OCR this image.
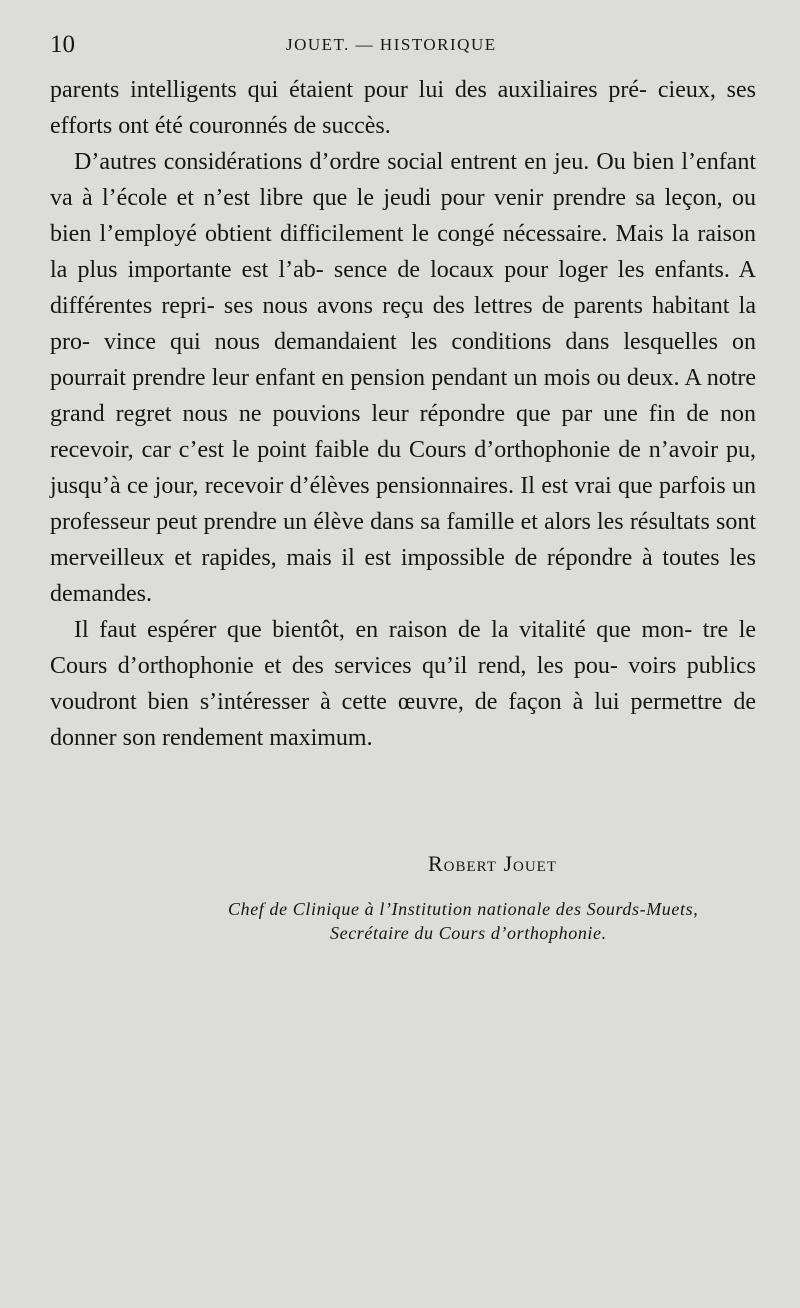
10	JOUET. — HISTORIQUE

parents intelligents qui étaient pour lui des auxiliaires pré- cieux, ses efforts ont été couronnés de succès.

D’autres considérations d’ordre social entrent en jeu. Ou bien l’enfant va à l’école et n’est libre que le jeudi pour venir prendre sa leçon, ou bien l’employé obtient difficilement le congé nécessaire. Mais la raison la plus importante est l’ab- sence de locaux pour loger les enfants. A différentes repri- ses nous avons reçu des lettres de parents habitant la pro- vince qui nous demandaient les conditions dans lesquelles on pourrait prendre leur enfant en pension pendant un mois ou deux. A notre grand regret nous ne pouvions leur répondre que par une fin de non recevoir, car c’est le point faible du Cours d’orthophonie de n’avoir pu, jusqu’à ce jour, recevoir d’élèves pensionnaires. Il est vrai que parfois un professeur peut prendre un élève dans sa famille et alors les résultats sont merveilleux et rapides, mais il est impossible de répondre à toutes les demandes.

Il faut espérer que bientôt, en raison de la vitalité que mon- tre le Cours d’orthophonie et des services qu’il rend, les pou- voirs publics voudront bien s’intéresser à cette œuvre, de façon à lui permettre de donner son rendement maximum.

Robert Jouet
Chef de Clinique à l’Institution nationale des Sourds-Muets,
Secrétaire du Cours d’orthophonie.
